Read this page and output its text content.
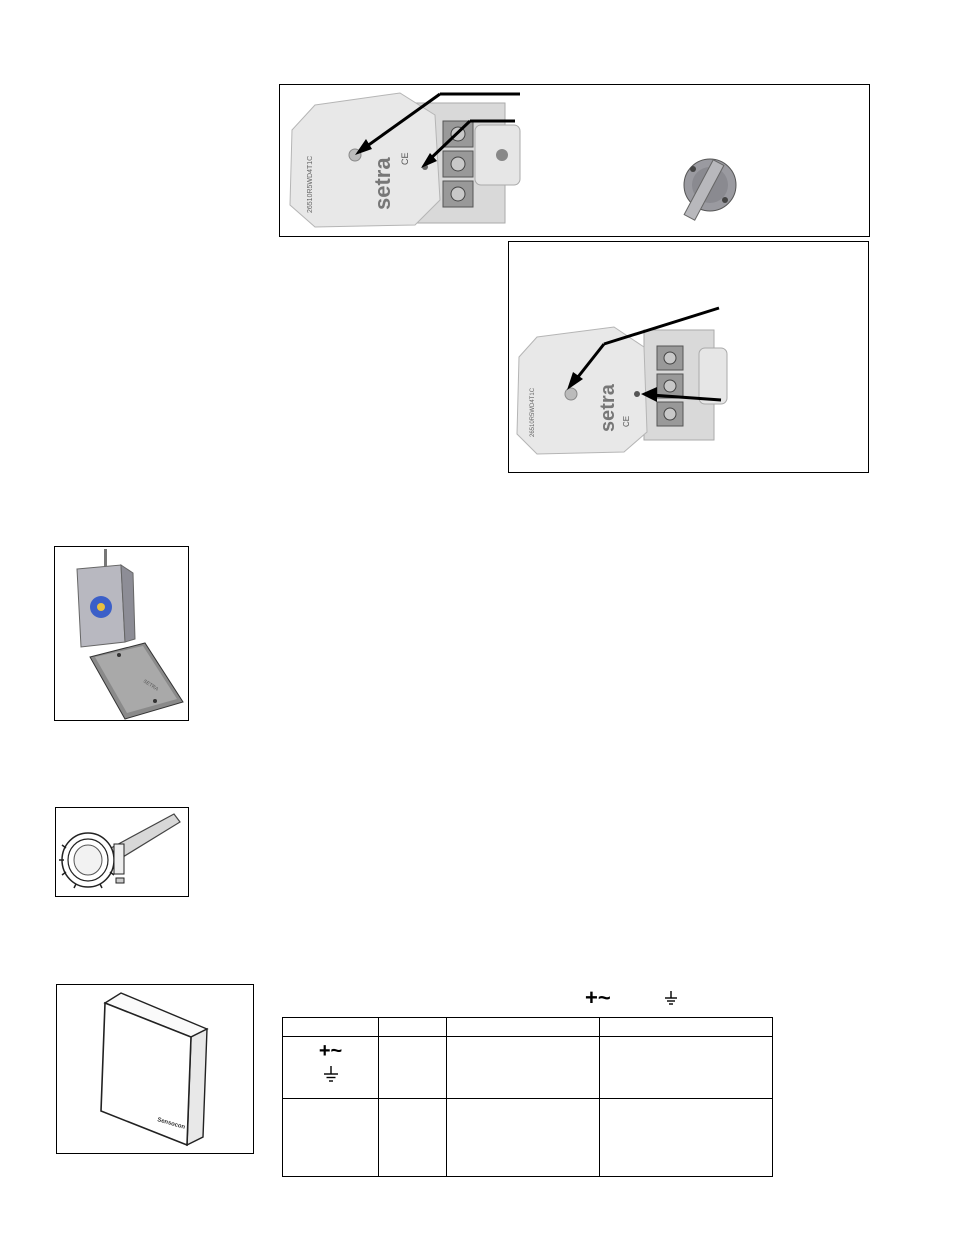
setra
26510R5WD4T1C	CE
setra
26510R5WD4T1C	CE
SETRA
Sensocon
+~

+~			
